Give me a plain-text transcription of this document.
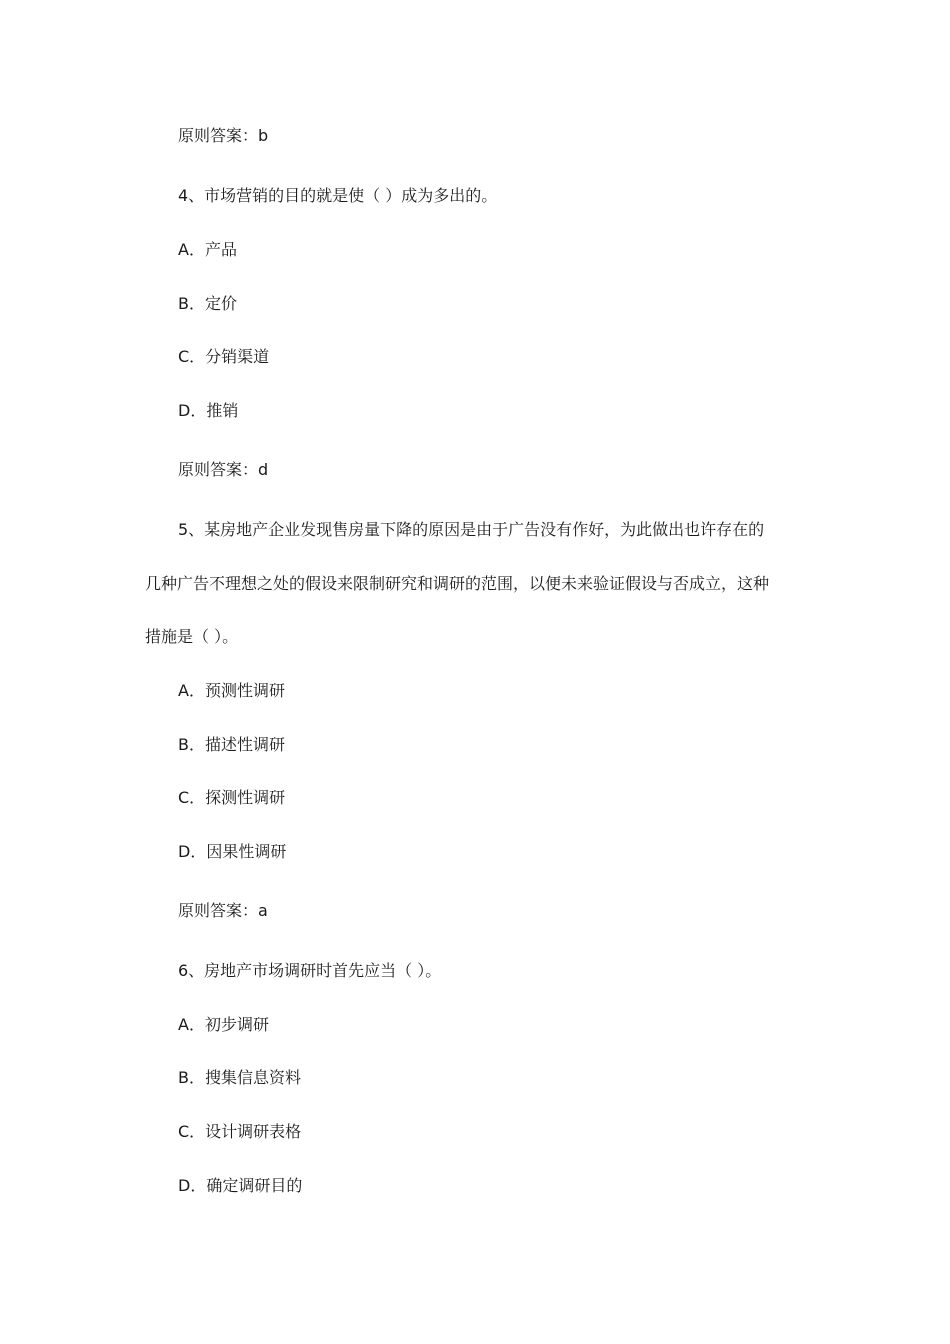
原则答案：b
4、市场营销的目的就是使（ ）成为多出的。
A．产品
B．定价
C．分销渠道
D．推销
原则答案：d
5、某房地产企业发现售房量下降的原因是由于广告没有作好，为此做出也许存在的
几种广告不理想之处的假设来限制研究和调研的范围，以便未来验证假设与否成立，这种
措施是（ ）。
A．预测性调研
B．描述性调研
C．探测性调研
D．因果性调研
原则答案：a
6、房地产市场调研时首先应当（ ）。
A．初步调研
B．搜集信息资料
C．设计调研表格
D．确定调研目的
